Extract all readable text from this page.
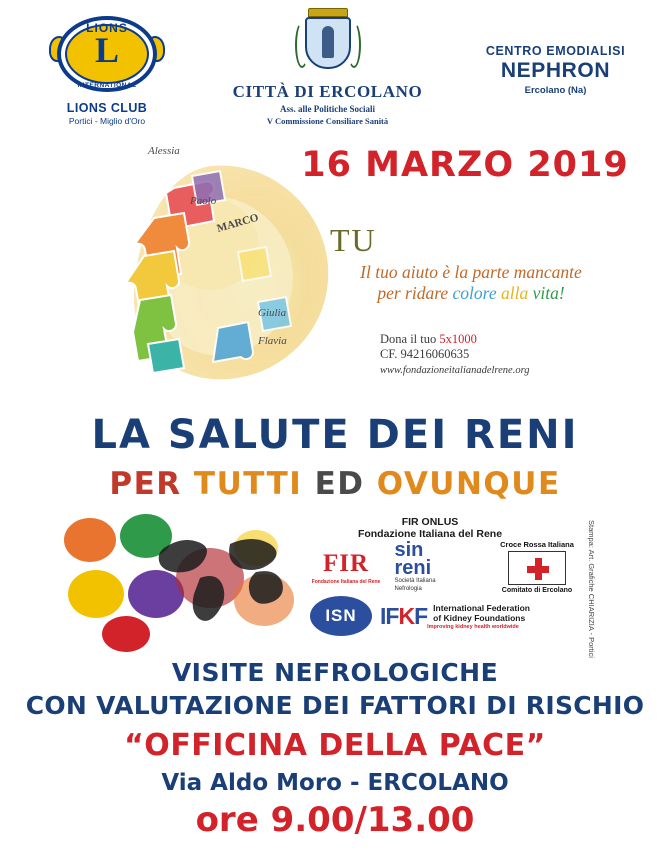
LIONS
L
INTERNATIONAL
LIONS CLUB
Portici - Miglio d'Oro
CITTÀ DI ERCOLANO
Ass. alle Politiche Sociali
V Commissione Consiliare Sanità
CENTRO EMODIALISI
NEPHRON
Ercolano (Na)
Alessia
Paolo
MARCO
Giulia
Flavia
16 MARZO 2019
TU
Il tuo aiuto è la parte mancante
per ridare colore alla vita!
Dona il tuo 5x1000
CF. 94216060635
www.fondazioneitalianadelrene.org
LA SALUTE DEI RENI
PER TUTTI ED OVUNQUE
FIR ONLUS
Fondazione Italiana del Rene
FIR
Fondazione Italiana del Rene
sin
reni
Società Italiana
Nefrologia
Croce Rossa Italiana
Comitato di Ercolano
ISN	IFKF International Federation
of Kidney Foundations
Improving kidney health worldwide	Stampa: Art. Grafiche CHIARIZIA - Portici
VISITE NEFROLOGICHE
CON VALUTAZIONE DEI FATTORI DI RISCHIO
“OFFICINA DELLA PACE”
Via Aldo Moro - ERCOLANO
ore 9.00/13.00
